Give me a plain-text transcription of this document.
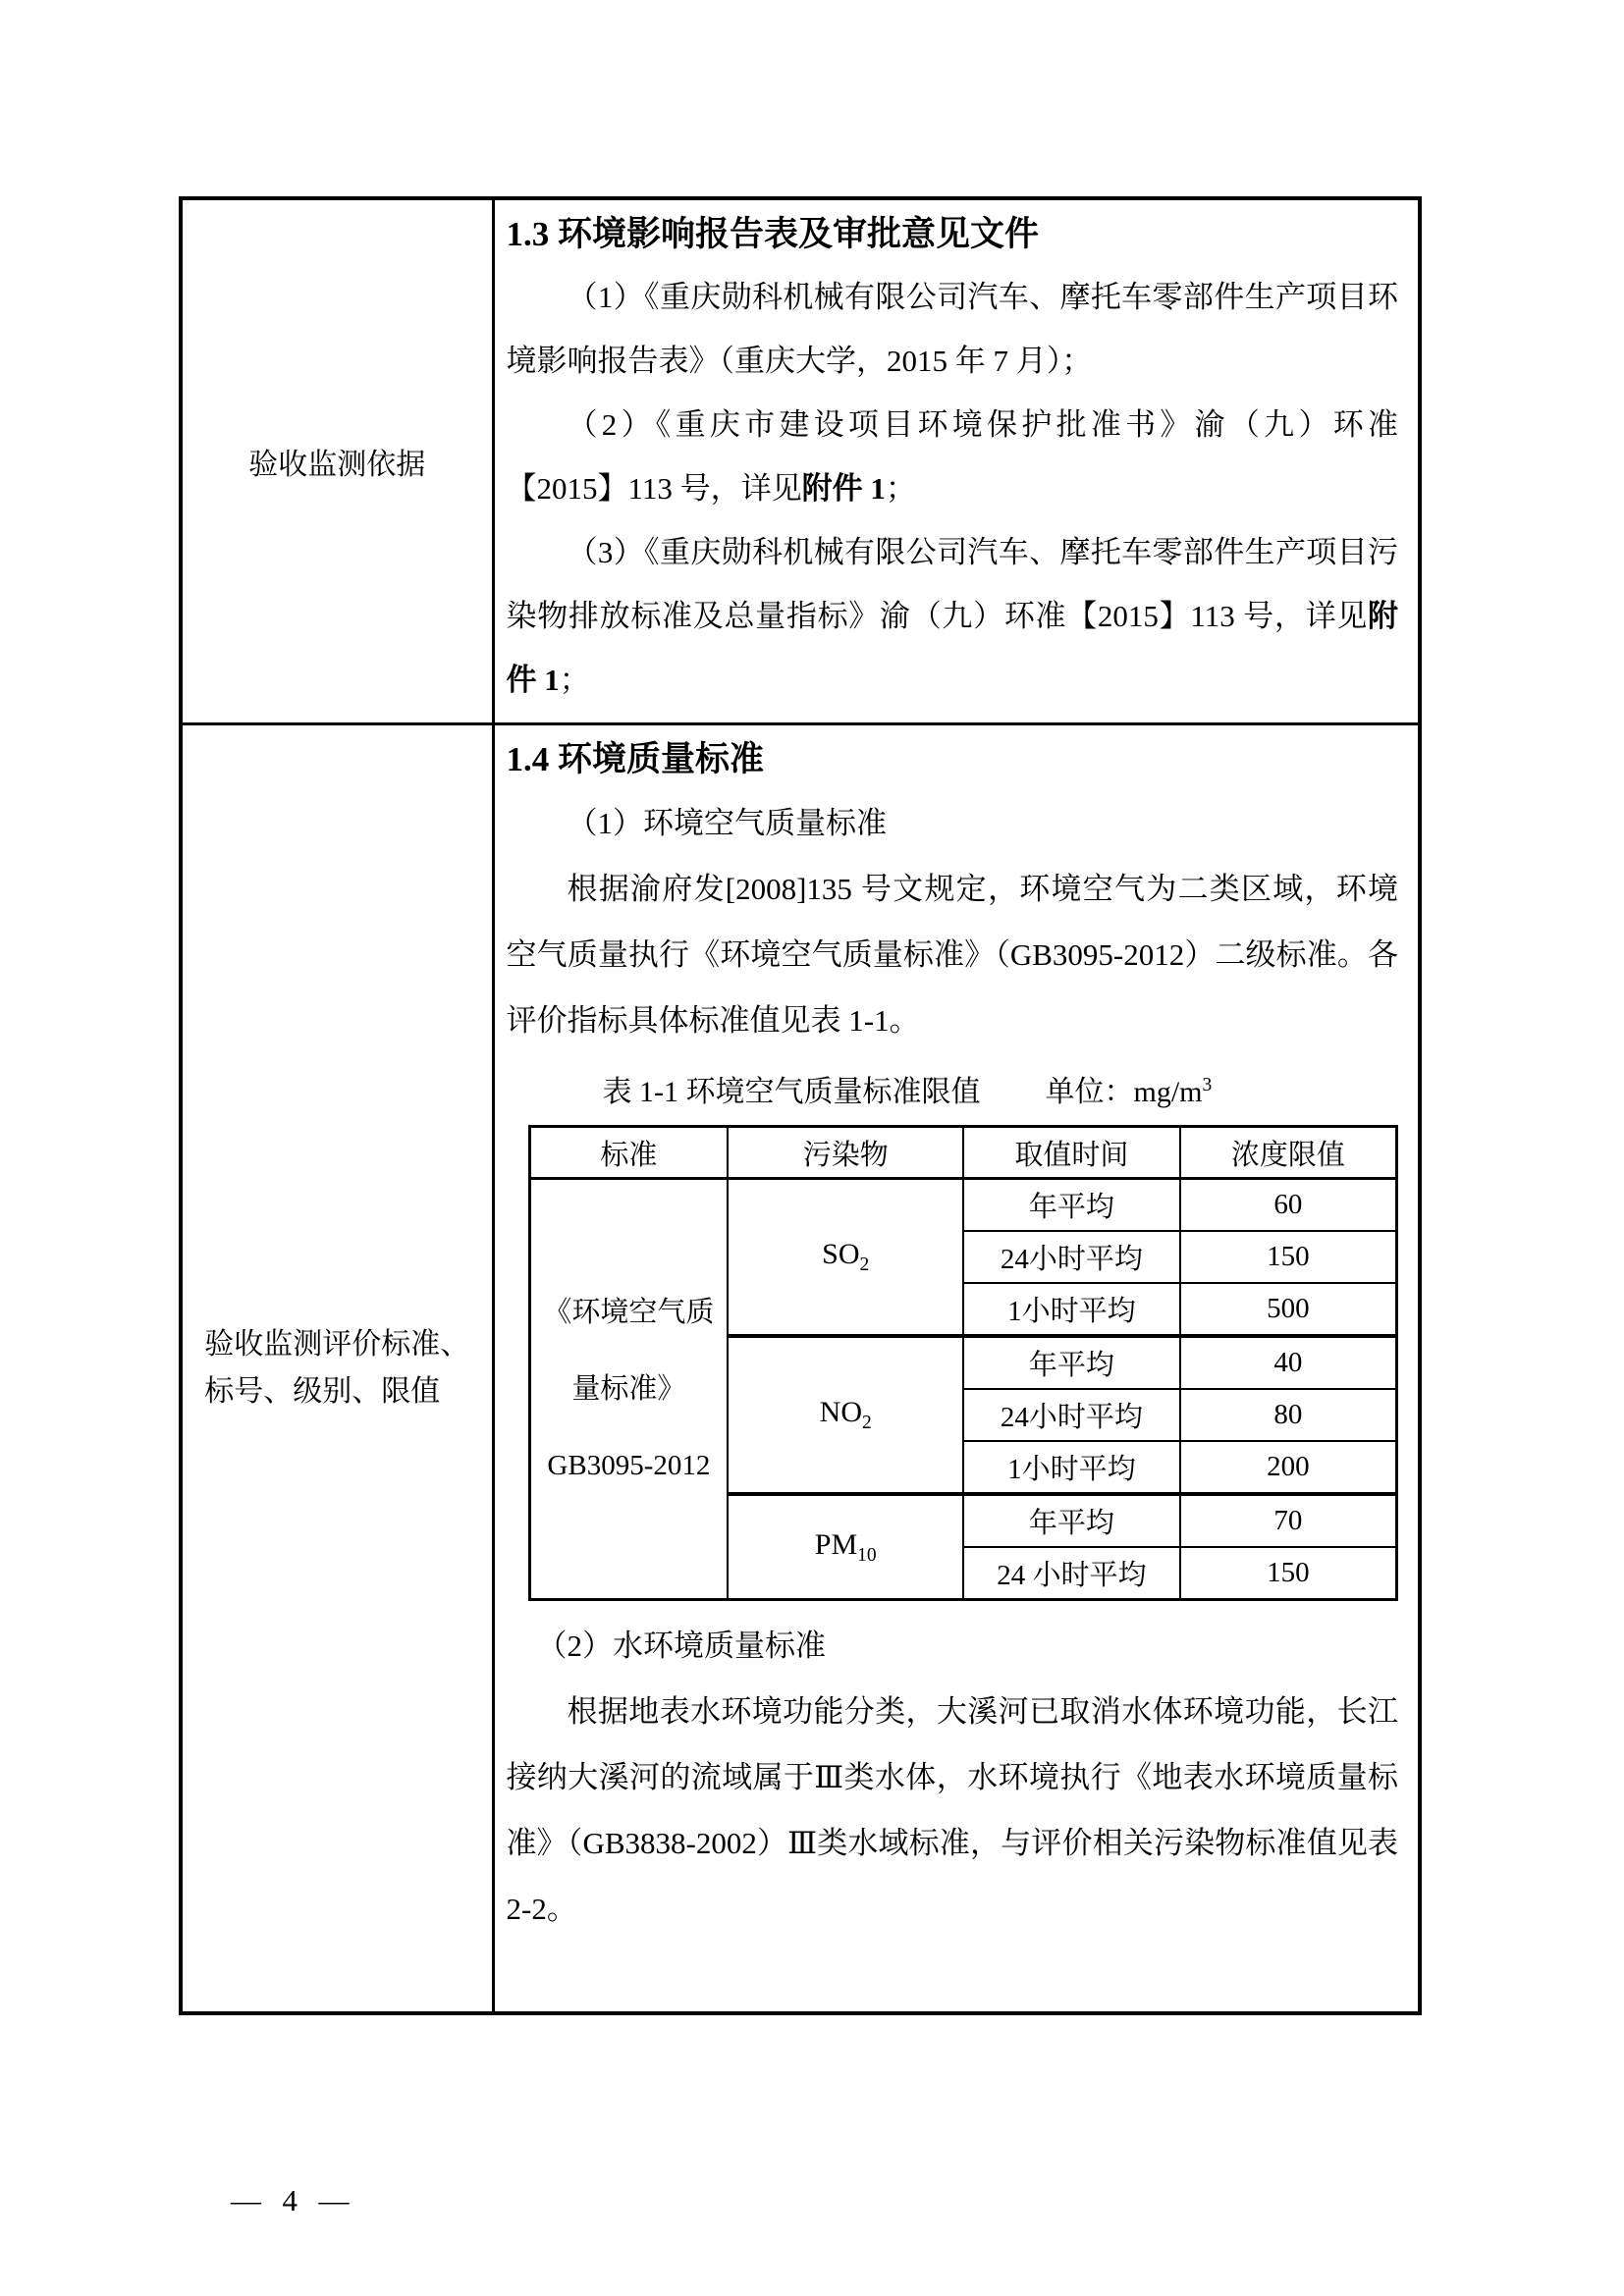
验收监测依据	
1.3 环境影响报告表及审批意见文件

（1）《重庆勋科机械有限公司汽车、摩托车零部件生产项目环境影响报告表》（重庆大学，2015 年 7 月）；

（2）《重庆市建设项目环境保护批准书》渝（九）环准【2015】113 号，详见附件 1；

（3）《重庆勋科机械有限公司汽车、摩托车零部件生产项目污染物排放标准及总量指标》渝（九）环准【2015】113 号，详见附件 1；

验收监测评价标准、
标号、级别、限值

1.4 环境质量标准

（1）环境空气质量标准

根据渝府发[2008]135 号文规定，环境空气为二类区域，环境空气质量执行《环境空气质量标准》（GB3095-2012）二级标准。各评价指标具体标准值见表 1-1。

表 1-1 环境空气质量标准限值 单位：$mg/m^3$
标准	污染物	取值时间	浓度限值

《环境空气质
量标准》
GB3095-2012
	$SO_2$	年平均	60
24小时平均	150
1小时平均	500
$NO_2$	年平均	40
24小时平均	80
1小时平均	200
$PM_{10}$	年平均	70
24 小时平均	150

（2）水环境质量标准

根据地表水环境功能分类，大溪河已取消水体环境功能，长江接纳大溪河的流域属于Ⅲ类水体，水环境执行《地表水环境质量标准》（GB3838-2002）Ⅲ类水域标准，与评价相关污染物标准值见表 2-2。

—  4  —
